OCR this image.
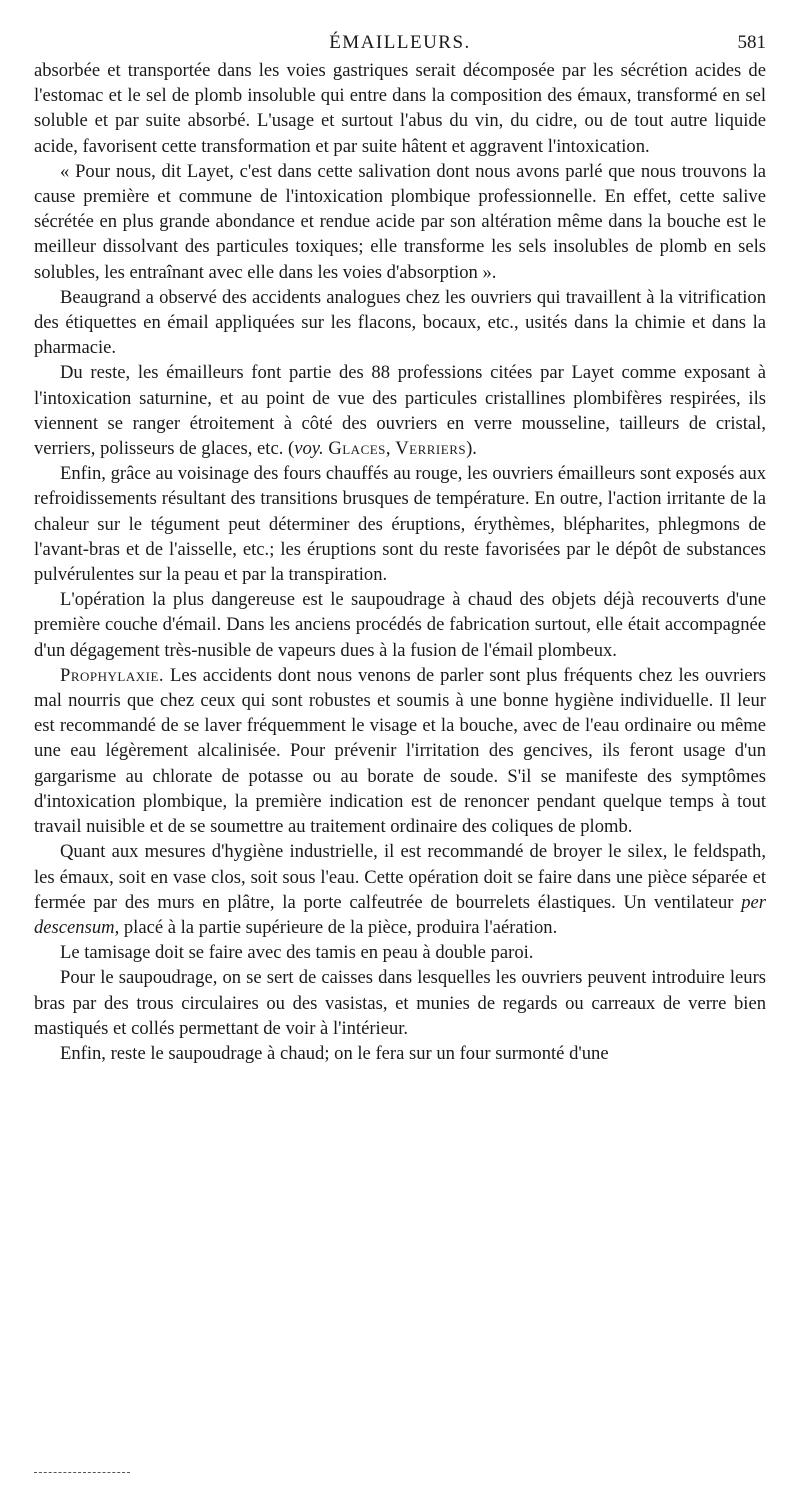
ÉMAILLEURS.	581

absorbée et transportée dans les voies gastriques serait décomposée par les sécrétion acides de l'estomac et le sel de plomb insoluble qui entre dans la composition des émaux, transformé en sel soluble et par suite absorbé. L'usage et surtout l'abus du vin, du cidre, ou de tout autre liquide acide, favorisent cette transformation et par suite hâtent et aggravent l'intoxication.

« Pour nous, dit Layet, c'est dans cette salivation dont nous avons parlé que nous trouvons la cause première et commune de l'intoxication plombique professionnelle. En effet, cette salive sécrétée en plus grande abondance et rendue acide par son altération même dans la bouche est le meilleur dissolvant des particules toxiques; elle transforme les sels insolubles de plomb en sels solubles, les entraînant avec elle dans les voies d'absorption ».

Beaugrand a observé des accidents analogues chez les ouvriers qui travaillent à la vitrification des étiquettes en émail appliquées sur les flacons, bocaux, etc., usités dans la chimie et dans la pharmacie.

Du reste, les émailleurs font partie des 88 professions citées par Layet comme exposant à l'intoxication saturnine, et au point de vue des particules cristallines plombifères respirées, ils viennent se ranger étroitement à côté des ouvriers en verre mousseline, tailleurs de cristal, verriers, polisseurs de glaces, etc. (voy. Glaces, Verriers).

Enfin, grâce au voisinage des fours chauffés au rouge, les ouvriers émailleurs sont exposés aux refroidissements résultant des transitions brusques de température. En outre, l'action irritante de la chaleur sur le tégument peut déterminer des éruptions, érythèmes, blépharites, phlegmons de l'avant-bras et de l'aisselle, etc.; les éruptions sont du reste favorisées par le dépôt de substances pulvérulentes sur la peau et par la transpiration.

L'opération la plus dangereuse est le saupoudrage à chaud des objets déjà recouverts d'une première couche d'émail. Dans les anciens procédés de fabrication surtout, elle était accompagnée d'un dégagement très-nusible de vapeurs dues à la fusion de l'émail plombeux.

Prophylaxie. Les accidents dont nous venons de parler sont plus fréquents chez les ouvriers mal nourris que chez ceux qui sont robustes et soumis à une bonne hygiène individuelle. Il leur est recommandé de se laver fréquemment le visage et la bouche, avec de l'eau ordinaire ou même une eau légèrement alcalinisée. Pour prévenir l'irritation des gencives, ils feront usage d'un gargarisme au chlorate de potasse ou au borate de soude. S'il se manifeste des symptômes d'intoxication plombique, la première indication est de renoncer pendant quelque temps à tout travail nuisible et de se soumettre au traitement ordinaire des coliques de plomb.

Quant aux mesures d'hygiène industrielle, il est recommandé de broyer le silex, le feldspath, les émaux, soit en vase clos, soit sous l'eau. Cette opération doit se faire dans une pièce séparée et fermée par des murs en plâtre, la porte calfeutrée de bourrelets élastiques. Un ventilateur per descensum, placé à la partie supérieure de la pièce, produira l'aération.

Le tamisage doit se faire avec des tamis en peau à double paroi.

Pour le saupoudrage, on se sert de caisses dans lesquelles les ouvriers peuvent introduire leurs bras par des trous circulaires ou des vasistas, et munies de regards ou carreaux de verre bien mastiqués et collés permettant de voir à l'intérieur.

Enfin, reste le saupoudrage à chaud; on le fera sur un four surmonté d'une
